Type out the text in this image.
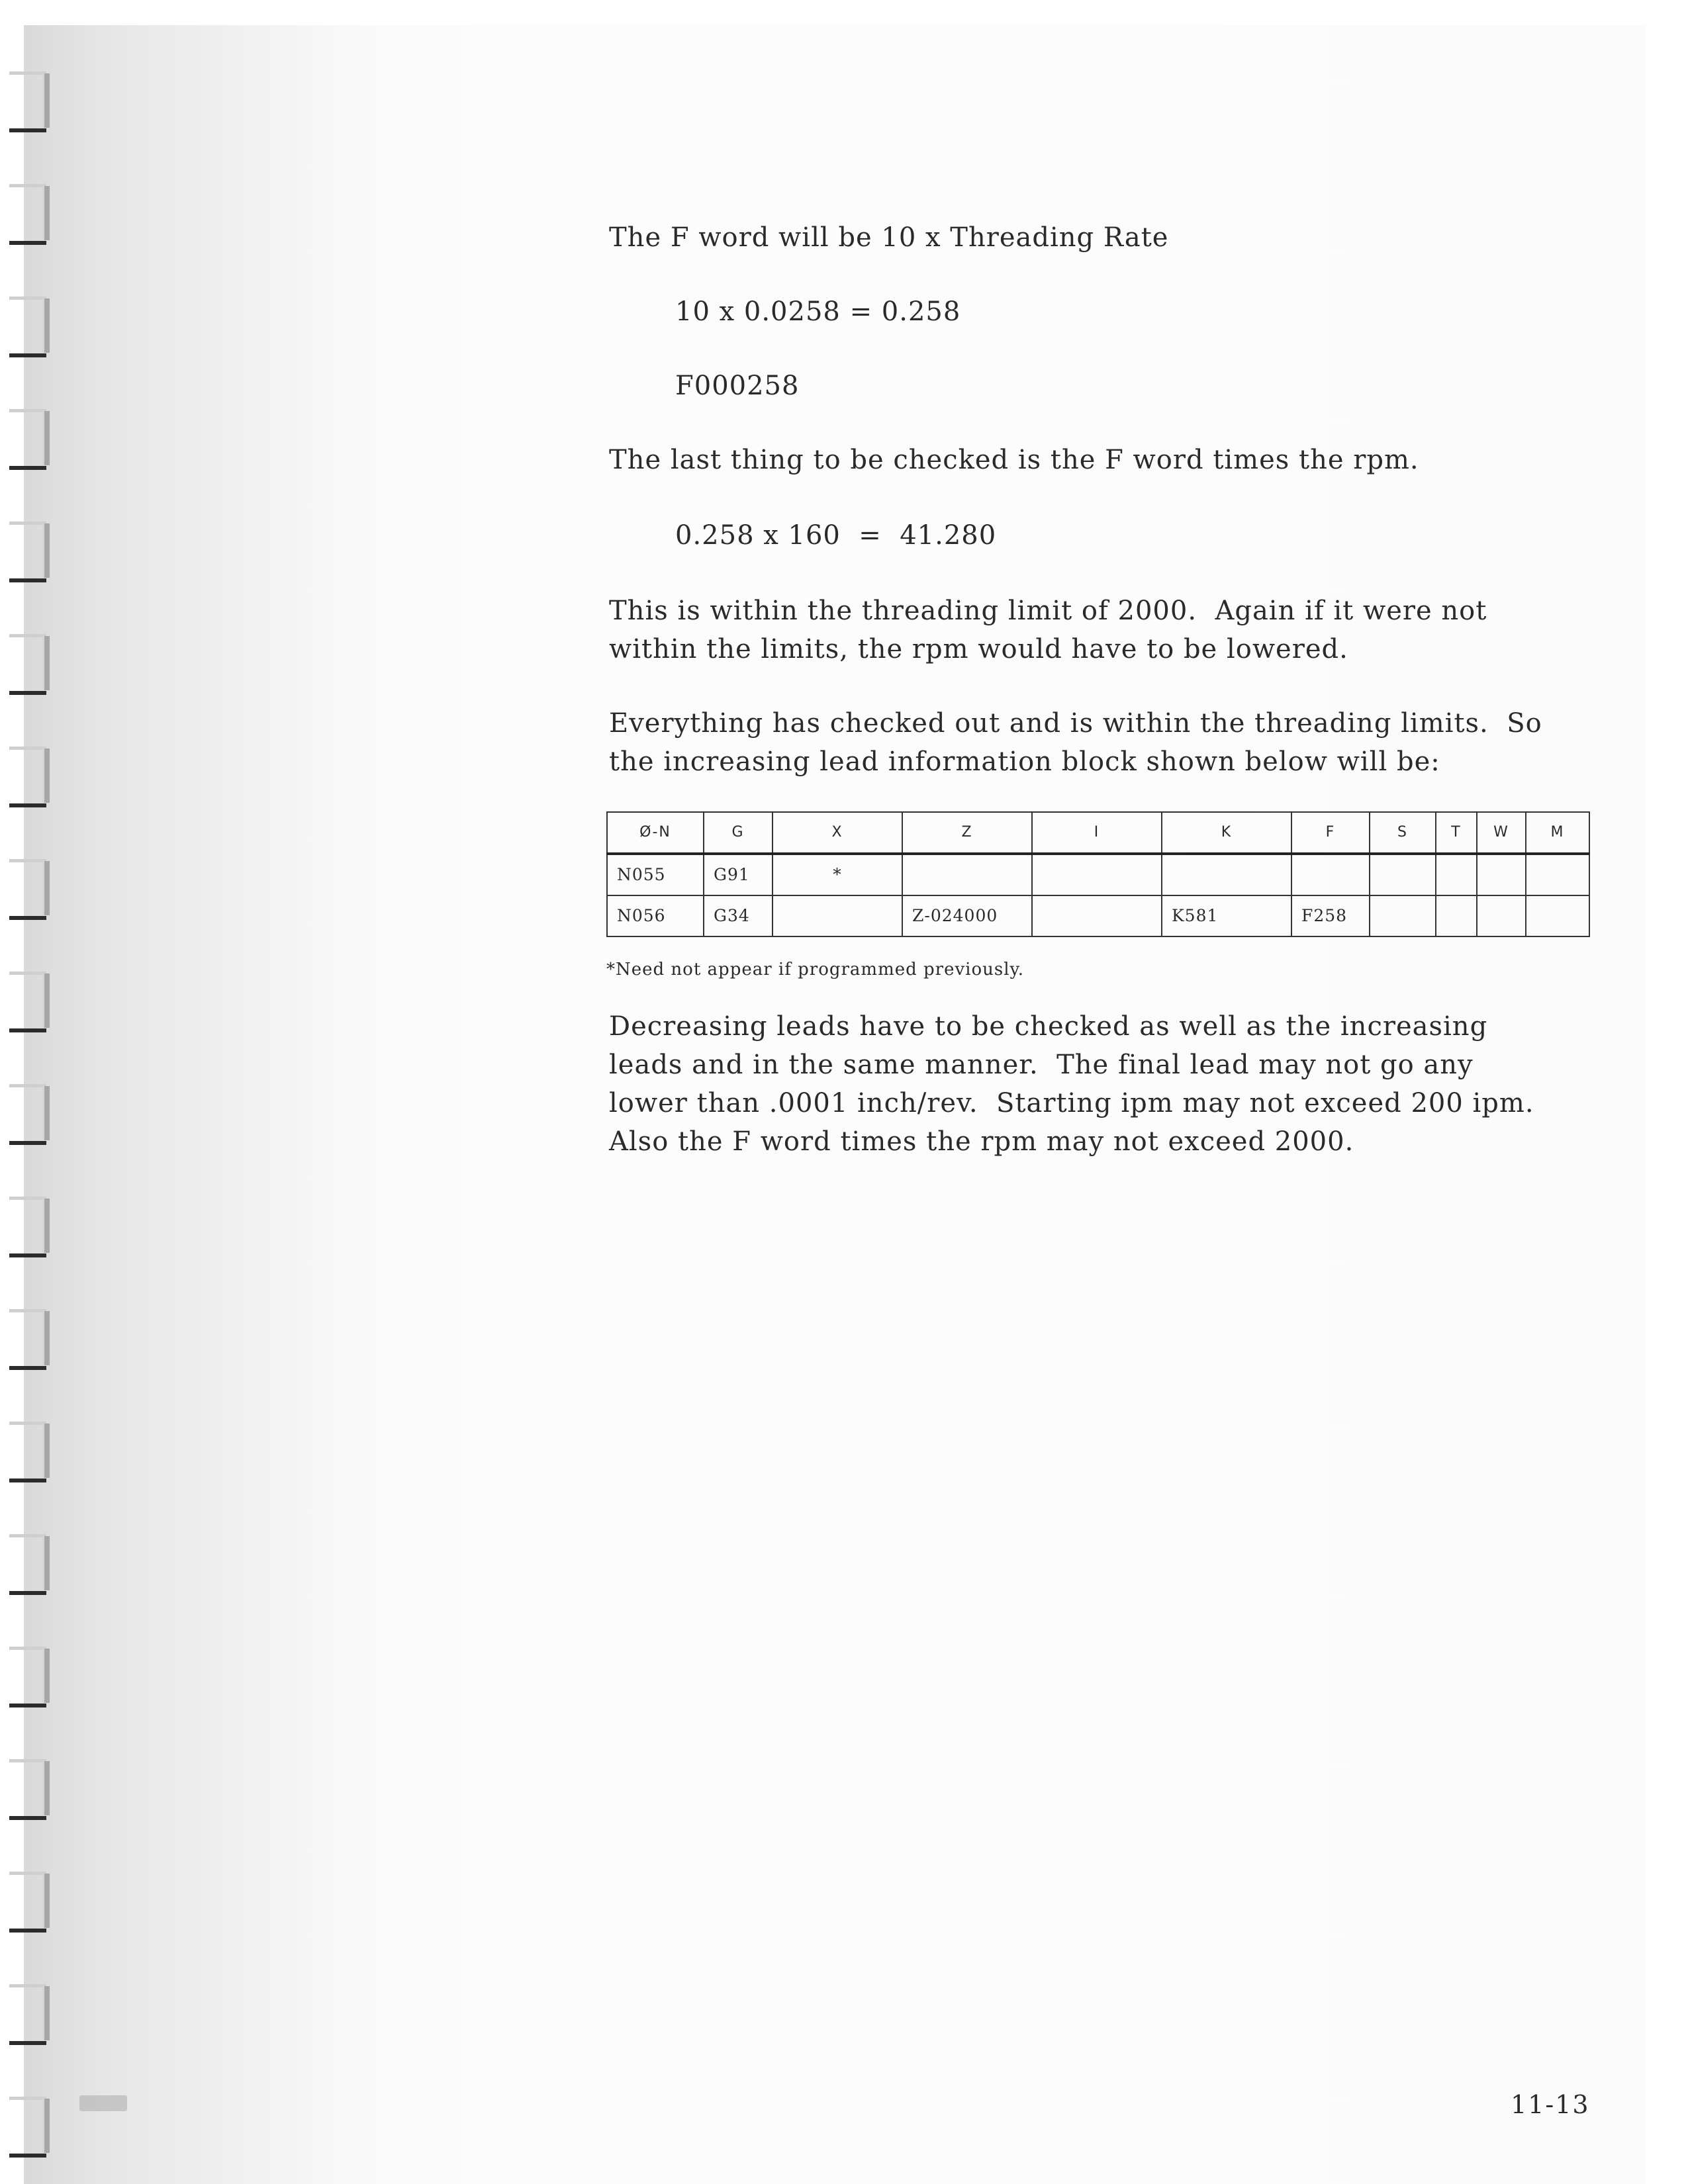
The F word will be 10 x Threading Rate

10 x 0.0258 = 0.258

F000258

The last thing to be checked is the F word times the rpm.

0.258 x 160  =  41.280

This is within the threading limit of 2000.  Again if it were not

within the limits, the rpm would have to be lowered.

Everything has checked out and is within the threading limits.  So

the increasing lead information block shown below will be:

Ø-N	G	X	Z	I	K	F	S	T	W	M
N055	G91	*								
N056	G34		Z-024000		K581	F258				
*Need not appear if programmed previously.

Decreasing leads have to be checked as well as the increasing

leads and in the same manner.  The final lead may not go any

lower than .0001 inch/rev.  Starting ipm may not exceed 200 ipm.

Also the F word times the rpm may not exceed 2000.

11-13
